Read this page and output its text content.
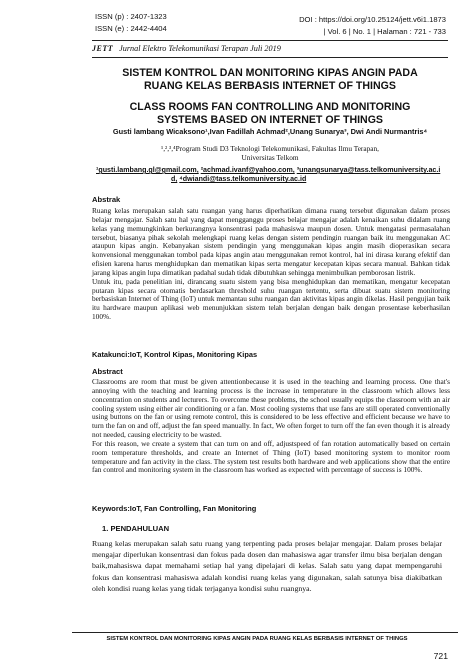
ISSN (p) : 2407-1323
ISSN (e) : 2442-4404
DOI : https://doi.org/10.25124/jett.v6i1.1873
| Vol. 6 | No. 1 | Halaman : 721 - 733
JETT Jurnal Elektro Telekomunikasi Terapan Juli 2019
SISTEM KONTROL DAN MONITORING KIPAS ANGIN PADA
RUANG KELAS BERBASIS INTERNET OF THINGS
CLASS ROOMS FAN CONTROLLING AND MONITORING
SYSTEMS BASED ON INTERNET OF THINGS
Gusti lambang Wicaksono¹,Ivan Fadillah Achmad²,Unang Sunarya³, Dwi Andi Nurmantris⁴
¹,²,³,⁴Program Studi D3 Teknologi Telekomunikasi, Fakultas Ilmu Terapan,
Universitas Telkom
¹gusti.lambang.gl@gmail.com, ²achmad.ivanf@yahoo.com, ³unangsunarya@tass.telkomuniversity.ac.i
d, ⁴dwiandi@tass.telkomuniversity.ac.id
Abstrak

Ruang kelas merupakan salah satu ruangan yang harus diperhatikan dimana ruang tersebut digunakan dalam proses belajar mengajar. Salah satu hal yang dapat mengganggu proses belajar mengajar adalah kenaikan suhu didalam ruang kelas yang memungkinkan berkurangnya konsentrasi pada mahasiswa maupun dosen. Untuk mengatasi permasalahan tersebut, biasanya pihak sekolah melengkapi ruang kelas dengan sistem pendingin ruangan baik itu menggunakan AC ataupun kipas angin. Kebanyakan sistem pendingin yang menggunakan kipas angin masih dioperasikan secara konvensional menggunakan tombol pada kipas angin atau menggunakan remot kontrol, hal ini dirasa kurang efektif dan efisien karena harus menghidupkan dan mematikan kipas serta mengatur kecepatan kipas secara manual. Bahkan tidak jarang kipas angin lupa dimatikan padahal sudah tidak dibutuhkan sehingga menimbulkan pemborosan listrik.

Untuk itu, pada penelitian ini, dirancang suatu sistem yang bisa menghidupkan dan mematikan, mengatur kecepatan putaran kipas secara otomatis berdasarkan threshold suhu ruangan tertentu, serta dibuat suatu sistem monitoring berbasiskan Internet of Thing (IoT) untuk memantau suhu ruangan dan aktivitas kipas angin dikelas. Hasil pengujian baik itu hardware maupun aplikasi web menunjukkan sistem telah berjalan dengan baik dengan prosentase keberhasilan 100%.

Katakunci:IoT, Kontrol Kipas, Monitoring Kipas
Abstract

Classrooms are room that must be given attentionbecause it is used in the teaching and learning process. One that's annoying with the teaching and learning process is the increase in temperature in the classroom which allows less concentration on students and lecturers. To overcome these problems, the school usually equips the classroom with an air cooling system using either air conditioning or a fan. Most cooling systems that use fans are still operated conventionally using buttons on the fan or using remote control, this is considered to be less effective and efficient because we have to turn the fan on and off, adjust the fan speed manually. In fact, We often forget to turn off the fan even though it is already not needed, causing electricity to be wasted.

For this reason, we create a system that can turn on and off, adjustspeed of fan rotation automatically based on certain room temperature thresholds, and create an Internet of Thing (IoT) based monitoring system to monitor room temperature and fan activity in the class. The system test results both hardware and web applications show that the entire fan control and monitoring system in the classroom has worked as expected with percentage of success is 100%.

Keywords:IoT, Fan Controlling, Fan Monitoring
1. PENDAHULUAN

Ruang kelas merupakan salah satu ruang yang terpenting pada proses belajar mengajar. Dalam proses belajar mengajar diperlukan konsentrasi dan fokus pada dosen dan mahasiswa agar transfer ilmu bisa berjalan dengan baik,mahasiswa dapat memahami setiap hal yang dipelajari di kelas. Salah satu yang dapat mempengaruhi fokus dan konsentrasi mahasiswa adalah kondisi ruang kelas yang digunakan, salah satunya bisa diakibatkan oleh kondisi ruang kelas yang tidak terjaganya kondisi suhu ruangnya.

SISTEM KONTROL DAN MONITORING KIPAS ANGIN PADA RUANG KELAS BERBASIS INTERNET OF THINGS
721
